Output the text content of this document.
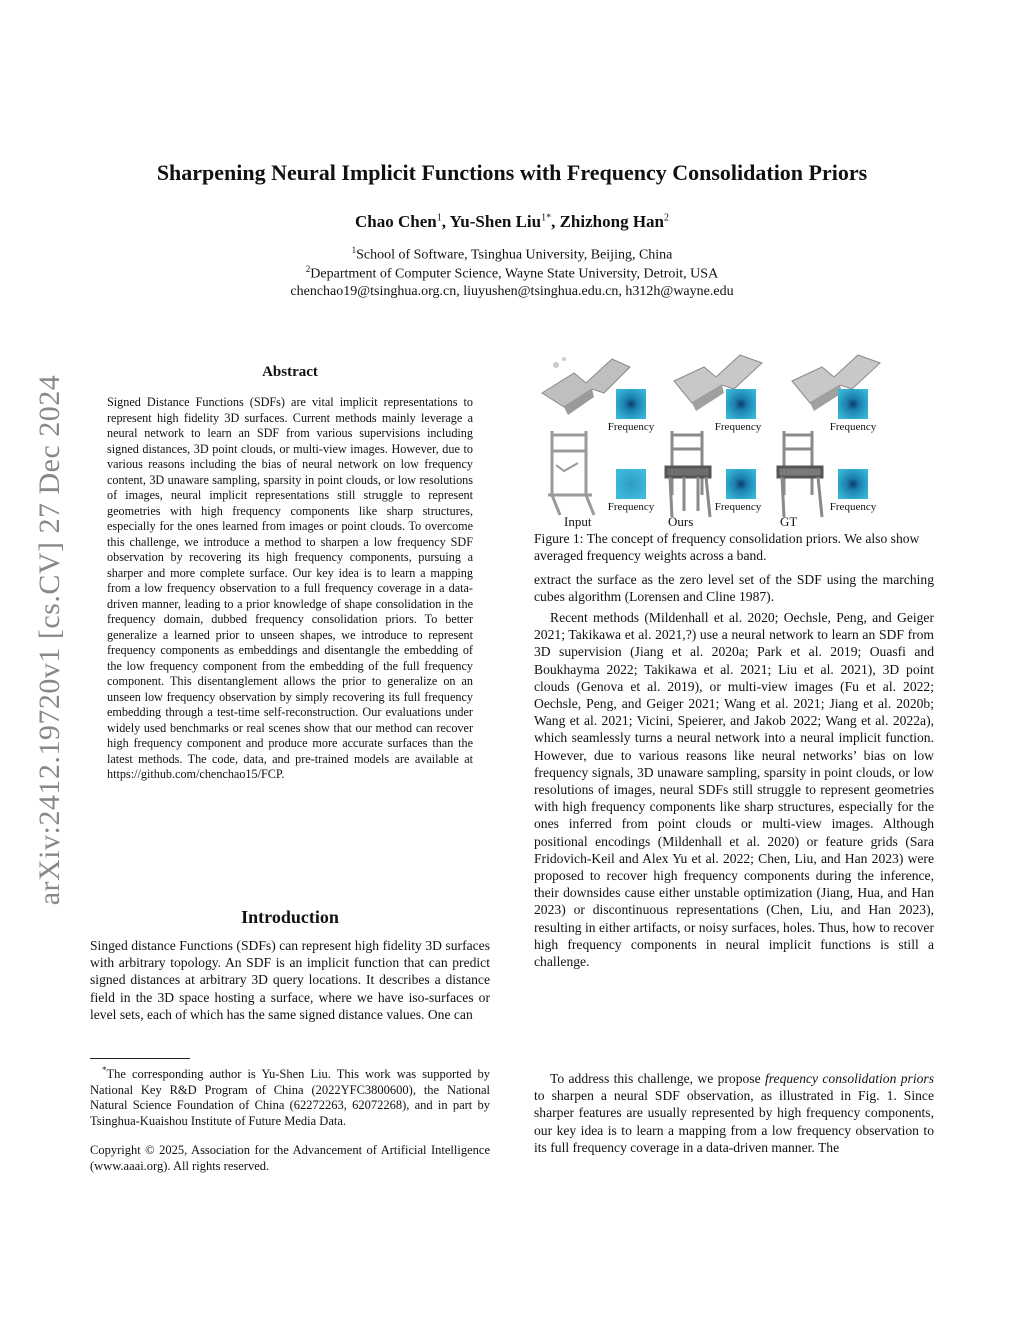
arXiv:2412.19720v1 [cs.CV] 27 Dec 2024
Sharpening Neural Implicit Functions with Frequency Consolidation Priors
Chao Chen$^1$, Yu-Shen Liu$^{1*}$, Zhizhong Han$^2$
$^1$School of Software, Tsinghua University, Beijing, China
$^2$Department of Computer Science, Wayne State University, Detroit, USA
chenchao19@tsinghua.org.cn, liuyushen@tsinghua.edu.cn, h312h@wayne.edu
Abstract
Signed Distance Functions (SDFs) are vital implicit representations to represent high fidelity 3D surfaces. Current methods mainly leverage a neural network to learn an SDF from various supervisions including signed distances, 3D point clouds, or multi-view images. However, due to various reasons including the bias of neural network on low frequency content, 3D unaware sampling, sparsity in point clouds, or low resolutions of images, neural implicit representations still struggle to represent geometries with high frequency components like sharp structures, especially for the ones learned from images or point clouds. To overcome this challenge, we introduce a method to sharpen a low frequency SDF observation by recovering its high frequency components, pursuing a sharper and more complete surface. Our key idea is to learn a mapping from a low frequency observation to a full frequency coverage in a data-driven manner, leading to a prior knowledge of shape consolidation in the frequency domain, dubbed frequency consolidation priors. To better generalize a learned prior to unseen shapes, we introduce to represent frequency components as embeddings and disentangle the embedding of the low frequency component from the embedding of the full frequency component. This disentanglement allows the prior to generalize on an unseen low frequency observation by simply recovering its full frequency embedding through a test-time self-reconstruction. Our evaluations under widely used benchmarks or real scenes show that our method can recover high frequency component and produce more accurate surfaces than the latest methods. The code, data, and pre-trained models are available at https://github.com/chenchao15/FCP.
Introduction
Singed distance Functions (SDFs) can represent high fidelity 3D surfaces with arbitrary topology. An SDF is an implicit function that can predict signed distances at arbitrary 3D query locations. It describes a distance field in the 3D space hosting a surface, where we have iso-surfaces or level sets, each of which has the same signed distance values. One can
*The corresponding author is Yu-Shen Liu. This work was supported by National Key R&D Program of China (2022YFC3800600), the National Natural Science Foundation of China (62272263, 62072268), and in part by Tsinghua-Kuaishou Institute of Future Media Data.
Copyright © 2025, Association for the Advancement of Artificial Intelligence (www.aaai.org). All rights reserved.
Frequency	Frequency	Frequency
Frequency	Frequency	Frequency
Input	Ours	GT
Figure 1: The concept of frequency consolidation priors. We also show averaged frequency weights across a band.
extract the surface as the zero level set of the SDF using the marching cubes algorithm (Lorensen and Cline 1987).
Recent methods (Mildenhall et al. 2020; Oechsle, Peng, and Geiger 2021; Takikawa et al. 2021,?) use a neural network to learn an SDF from 3D supervision (Jiang et al. 2020a; Park et al. 2019; Ouasfi and Boukhayma 2022; Takikawa et al. 2021; Liu et al. 2021), 3D point clouds (Genova et al. 2019), or multi-view images (Fu et al. 2022; Oechsle, Peng, and Geiger 2021; Wang et al. 2021; Jiang et al. 2020b; Wang et al. 2021; Vicini, Speierer, and Jakob 2022; Wang et al. 2022a), which seamlessly turns a neural network into a neural implicit function. However, due to various reasons like neural networks’ bias on low frequency signals, 3D unaware sampling, sparsity in point clouds, or low resolutions of images, neural SDFs still struggle to represent geometries with high frequency components like sharp structures, especially for the ones inferred from point clouds or multi-view images. Although positional encodings (Mildenhall et al. 2020) or feature grids (Sara Fridovich-Keil and Alex Yu et al. 2022; Chen, Liu, and Han 2023) were proposed to recover high frequency components during the inference, their downsides cause either unstable optimization (Jiang, Hua, and Han 2023) or discontinuous representations (Chen, Liu, and Han 2023), resulting in either artifacts, or noisy surfaces, holes. Thus, how to recover high frequency components in neural implicit functions is still a challenge.
To address this challenge, we propose frequency consolidation priors to sharpen a neural SDF observation, as illustrated in Fig. 1. Since sharper features are usually represented by high frequency components, our key idea is to learn a mapping from a low frequency observation to its full frequency coverage in a data-driven manner. The
